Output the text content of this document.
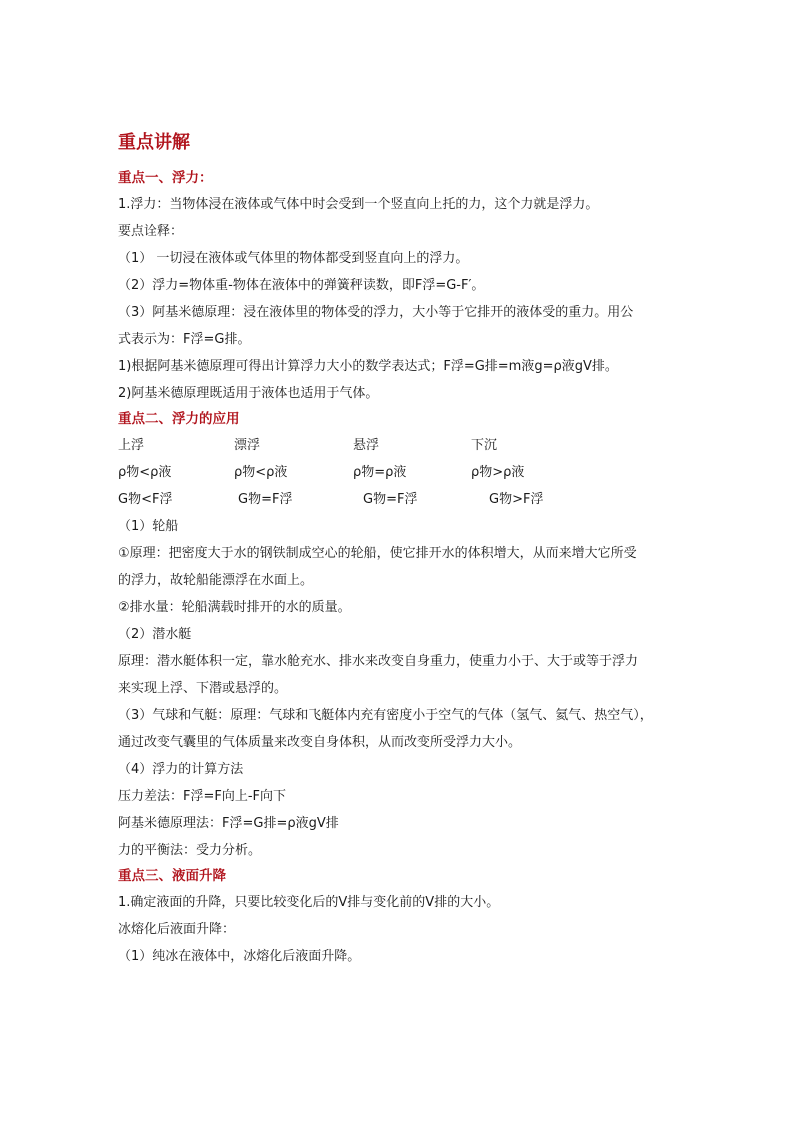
重点讲解
重点一、浮力：
1.浮力：当物体浸在液体或气体中时会受到一个竖直向上托的力，这个力就是浮力。
要点诠释：
（1） 一切浸在液体或气体里的物体都受到竖直向上的浮力。
（2）浮力=物体重-物体在液体中的弹簧秤读数，即F浮=G-F′。
（3）阿基米德原理：浸在液体里的物体受的浮力，大小等于它排开的液体受的重力。用公
式表示为：F浮=G排。
1)根据阿基米德原理可得出计算浮力大小的数学表达式；F浮=G排=m液g=ρ液gV排。
2)阿基米德原理既适用于液体也适用于气体。
重点二、浮力的应用
上浮	漂浮	悬浮	下沉
ρ物<ρ液	ρ物<ρ液	ρ物=ρ液	ρ物>ρ液
G物<F浮	G物=F浮	G物=F浮	G物>F浮
（1）轮船
①原理：把密度大于水的钢铁制成空心的轮船，使它排开水的体积增大，从而来增大它所受
的浮力，故轮船能漂浮在水面上。
②排水量：轮船满载时排开的水的质量。
（2）潜水艇
原理：潜水艇体积一定，靠水舱充水、排水来改变自身重力，使重力小于、大于或等于浮力
来实现上浮、下潜或悬浮的。
（3）气球和气艇：原理：气球和飞艇体内充有密度小于空气的气体（氢气、氦气、热空气），
通过改变气囊里的气体质量来改变自身体积，从而改变所受浮力大小。
（4）浮力的计算方法
压力差法：F浮=F向上-F向下
阿基米德原理法：F浮=G排=ρ液gV排
力的平衡法：受力分析。
重点三、液面升降
1.确定液面的升降，只要比较变化后的V排与变化前的V排的大小。
冰熔化后液面升降：
（1）纯冰在液体中，冰熔化后液面升降。
